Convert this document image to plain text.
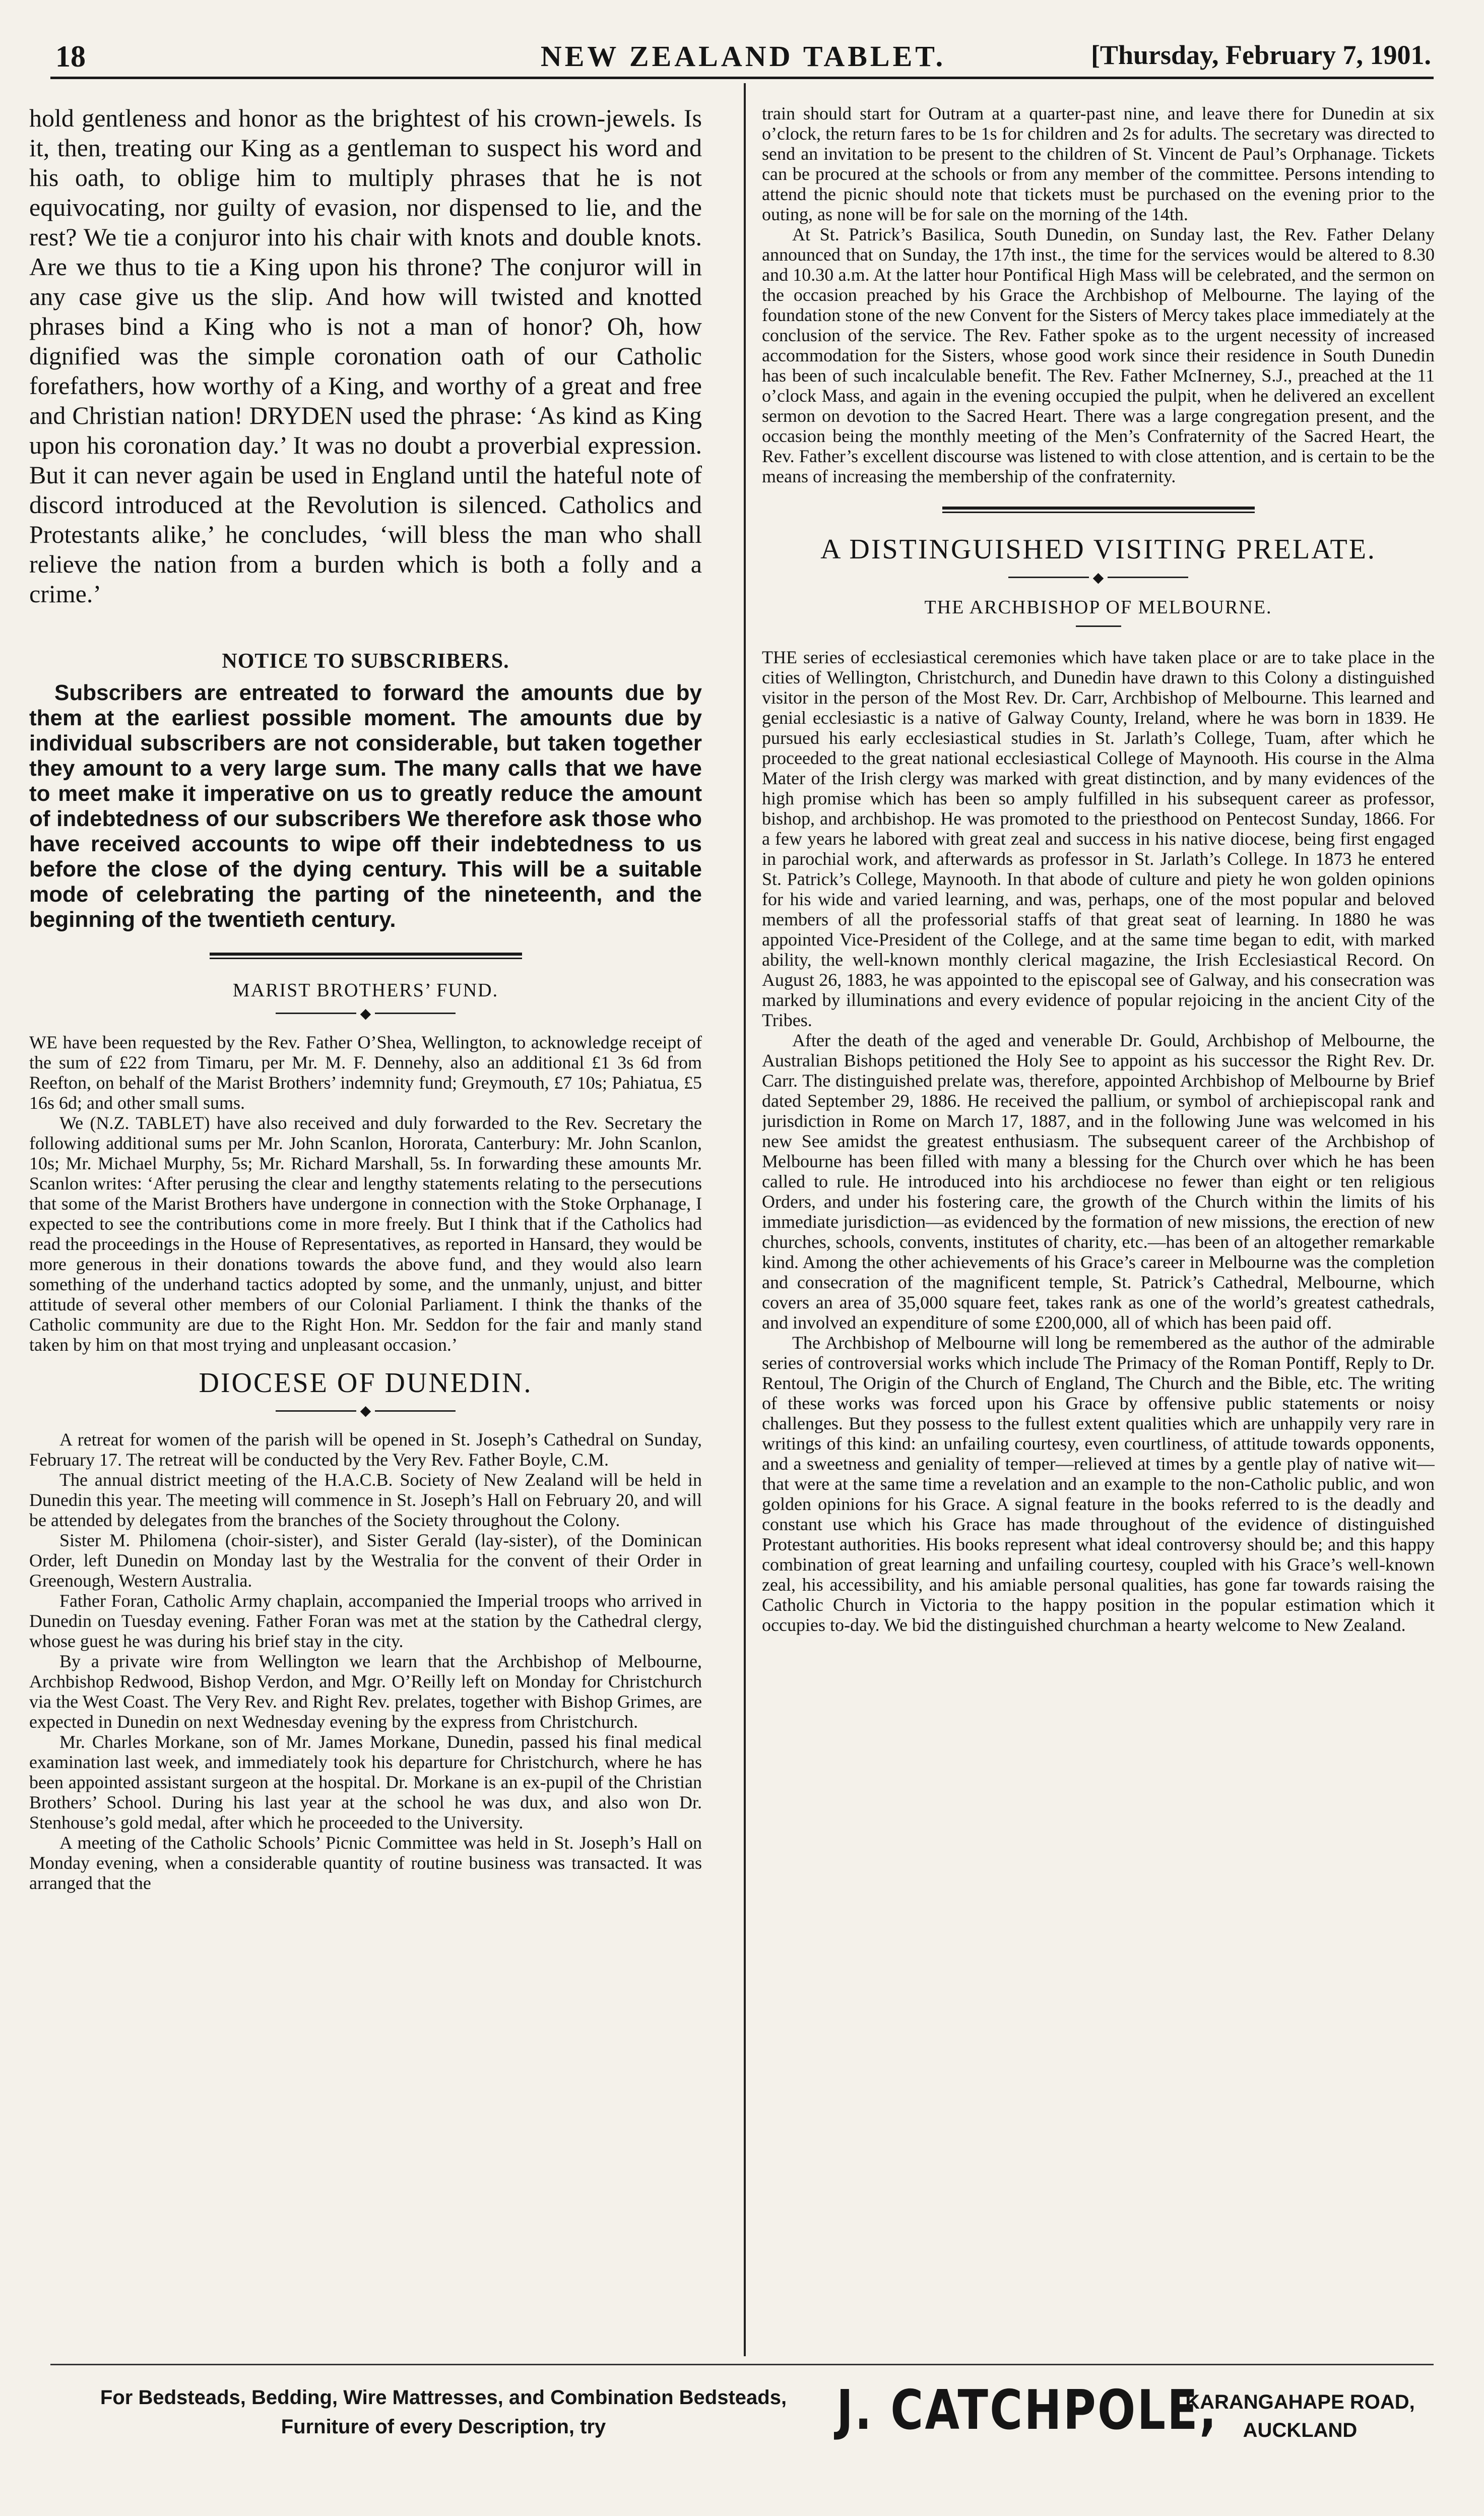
18	NEW ZEALAND TABLET.	[Thursday, February 7, 1901.

hold gentleness and honor as the brightest of his crown-jewels. Is it, then, treating our King as a gentleman to suspect his word and his oath, to oblige him to multiply phrases that he is not equivocating, nor guilty of evasion, nor dispensed to lie, and the rest? We tie a conjuror into his chair with knots and double knots. Are we thus to tie a King upon his throne? The conjuror will in any case give us the slip. And how will twisted and knotted phrases bind a King who is not a man of honor? Oh, how dignified was the simple coronation oath of our Catholic forefathers, how worthy of a King, and worthy of a great and free and Christian nation! DRYDEN used the phrase: ‘As kind as King upon his coronation day.’ It was no doubt a proverbial expression. But it can never again be used in England until the hateful note of discord introduced at the Revolution is silenced. Catholics and Protestants alike,’ he concludes, ‘will bless the man who shall relieve the nation from a burden which is both a folly and a crime.’

NOTICE TO SUBSCRIBERS.

Subscribers are entreated to forward the amounts due by them at the earliest possible moment. The amounts due by individual subscribers are not considerable, but taken together they amount to a very large sum. The many calls that we have to meet make it imperative on us to greatly reduce the amount of indebtedness of our subscribers We therefore ask those who have received accounts to wipe off their indebtedness to us before the close of the dying century. This will be a suitable mode of celebrating the parting of the nineteenth, and the beginning of the twentieth century.

MARIST BROTHERS’ FUND.
◆

WE have been requested by the Rev. Father O’Shea, Wellington, to acknowledge receipt of the sum of £22 from Timaru, per Mr. M. F. Dennehy, also an additional £1 3s 6d from Reefton, on behalf of the Marist Brothers’ indemnity fund; Greymouth, £7 10s; Pahiatua, £5 16s 6d; and other small sums.

We (N.Z. TABLET) have also received and duly forwarded to the Rev. Secretary the following additional sums per Mr. John Scanlon, Hororata, Canterbury: Mr. John Scanlon, 10s; Mr. Michael Murphy, 5s; Mr. Richard Marshall, 5s. In forwarding these amounts Mr. Scanlon writes: ‘After perusing the clear and lengthy statements relating to the persecutions that some of the Marist Brothers have undergone in connection with the Stoke Orphanage, I expected to see the contributions come in more freely. But I think that if the Catholics had read the proceedings in the House of Representatives, as reported in Hansard, they would be more generous in their donations towards the above fund, and they would also learn something of the underhand tactics adopted by some, and the unmanly, unjust, and bitter attitude of several other members of our Colonial Parliament. I think the thanks of the Catholic community are due to the Right Hon. Mr. Seddon for the fair and manly stand taken by him on that most trying and unpleasant occasion.’

DIOCESE OF DUNEDIN.
◆

A retreat for women of the parish will be opened in St. Joseph’s Cathedral on Sunday, February 17. The retreat will be conducted by the Very Rev. Father Boyle, C.M.

The annual district meeting of the H.A.C.B. Society of New Zealand will be held in Dunedin this year. The meeting will commence in St. Joseph’s Hall on February 20, and will be attended by delegates from the branches of the Society throughout the Colony.

Sister M. Philomena (choir-sister), and Sister Gerald (lay-sister), of the Dominican Order, left Dunedin on Monday last by the Westralia for the convent of their Order in Greenough, Western Australia.

Father Foran, Catholic Army chaplain, accompanied the Imperial troops who arrived in Dunedin on Tuesday evening. Father Foran was met at the station by the Cathedral clergy, whose guest he was during his brief stay in the city.

By a private wire from Wellington we learn that the Archbishop of Melbourne, Archbishop Redwood, Bishop Verdon, and Mgr. O’Reilly left on Monday for Christchurch via the West Coast. The Very Rev. and Right Rev. prelates, together with Bishop Grimes, are expected in Dunedin on next Wednesday evening by the express from Christchurch.

Mr. Charles Morkane, son of Mr. James Morkane, Dunedin, passed his final medical examination last week, and immediately took his departure for Christchurch, where he has been appointed assistant surgeon at the hospital. Dr. Morkane is an ex-pupil of the Christian Brothers’ School. During his last year at the school he was dux, and also won Dr. Stenhouse’s gold medal, after which he proceeded to the University.

A meeting of the Catholic Schools’ Picnic Committee was held in St. Joseph’s Hall on Monday evening, when a considerable quantity of routine business was transacted. It was arranged that the

train should start for Outram at a quarter-past nine, and leave there for Dunedin at six o’clock, the return fares to be 1s for children and 2s for adults. The secretary was directed to send an invitation to be present to the children of St. Vincent de Paul’s Orphanage. Tickets can be procured at the schools or from any member of the committee. Persons intending to attend the picnic should note that tickets must be purchased on the evening prior to the outing, as none will be for sale on the morning of the 14th.

At St. Patrick’s Basilica, South Dunedin, on Sunday last, the Rev. Father Delany announced that on Sunday, the 17th inst., the time for the services would be altered to 8.30 and 10.30 a.m. At the latter hour Pontifical High Mass will be celebrated, and the sermon on the occasion preached by his Grace the Archbishop of Melbourne. The laying of the foundation stone of the new Convent for the Sisters of Mercy takes place immediately at the conclusion of the service. The Rev. Father spoke as to the urgent necessity of increased accommodation for the Sisters, whose good work since their residence in South Dunedin has been of such incalculable benefit. The Rev. Father McInerney, S.J., preached at the 11 o’clock Mass, and again in the evening occupied the pulpit, when he delivered an excellent sermon on devotion to the Sacred Heart. There was a large congregation present, and the occasion being the monthly meeting of the Men’s Confraternity of the Sacred Heart, the Rev. Father’s excellent discourse was listened to with close attention, and is certain to be the means of increasing the membership of the confraternity.

A DISTINGUISHED VISITING PRELATE.
◆
THE ARCHBISHOP OF MELBOURNE.

THE series of ecclesiastical ceremonies which have taken place or are to take place in the cities of Wellington, Christchurch, and Dunedin have drawn to this Colony a distinguished visitor in the person of the Most Rev. Dr. Carr, Archbishop of Melbourne. This learned and genial ecclesiastic is a native of Galway County, Ireland, where he was born in 1839. He pursued his early ecclesiastical studies in St. Jarlath’s College, Tuam, after which he proceeded to the great national ecclesiastical College of Maynooth. His course in the Alma Mater of the Irish clergy was marked with great distinction, and by many evidences of the high promise which has been so amply fulfilled in his subsequent career as professor, bishop, and archbishop. He was promoted to the priesthood on Pentecost Sunday, 1866. For a few years he labored with great zeal and success in his native diocese, being first engaged in parochial work, and afterwards as professor in St. Jarlath’s College. In 1873 he entered St. Patrick’s College, Maynooth. In that abode of culture and piety he won golden opinions for his wide and varied learning, and was, perhaps, one of the most popular and beloved members of all the professorial staffs of that great seat of learning. In 1880 he was appointed Vice-President of the College, and at the same time began to edit, with marked ability, the well-known monthly clerical magazine, the Irish Ecclesiastical Record. On August 26, 1883, he was appointed to the episcopal see of Galway, and his consecration was marked by illuminations and every evidence of popular rejoicing in the ancient City of the Tribes.

After the death of the aged and venerable Dr. Gould, Archbishop of Melbourne, the Australian Bishops petitioned the Holy See to appoint as his successor the Right Rev. Dr. Carr. The distinguished prelate was, therefore, appointed Archbishop of Melbourne by Brief dated September 29, 1886. He received the pallium, or symbol of archiepiscopal rank and jurisdiction in Rome on March 17, 1887, and in the following June was welcomed in his new See amidst the greatest enthusiasm. The subsequent career of the Archbishop of Melbourne has been filled with many a blessing for the Church over which he has been called to rule. He introduced into his archdiocese no fewer than eight or ten religious Orders, and under his fostering care, the growth of the Church within the limits of his immediate jurisdiction—as evidenced by the formation of new missions, the erection of new churches, schools, convents, institutes of charity, etc.—has been of an altogether remarkable kind. Among the other achievements of his Grace’s career in Melbourne was the completion and consecration of the magnificent temple, St. Patrick’s Cathedral, Melbourne, which covers an area of 35,000 square feet, takes rank as one of the world’s greatest cathedrals, and involved an expenditure of some £200,000, all of which has been paid off.

The Archbishop of Melbourne will long be remembered as the author of the admirable series of controversial works which include The Primacy of the Roman Pontiff, Reply to Dr. Rentoul, The Origin of the Church of England, The Church and the Bible, etc. The writing of these works was forced upon his Grace by offensive public statements or noisy challenges. But they possess to the fullest extent qualities which are unhappily very rare in writings of this kind: an unfailing courtesy, even courtliness, of attitude towards opponents, and a sweetness and geniality of temper—relieved at times by a gentle play of native wit—that were at the same time a revelation and an example to the non-Catholic public, and won golden opinions for his Grace. A signal feature in the books referred to is the deadly and constant use which his Grace has made throughout of the evidence of distinguished Protestant authorities. His books represent what ideal controversy should be; and this happy combination of great learning and unfailing courtesy, coupled with his Grace’s well-known zeal, his accessibility, and his amiable personal qualities, has gone far towards raising the Catholic Church in Victoria to the happy position in the popular estimation which it occupies to-day. We bid the distinguished churchman a hearty welcome to New Zealand.

For Bedsteads, Bedding, Wire Mattresses, and Combination Bedsteads,
Furniture of every Description, try	J. CATCHPOLE,
KARANGAHAPE ROAD,
AUCKLAND
